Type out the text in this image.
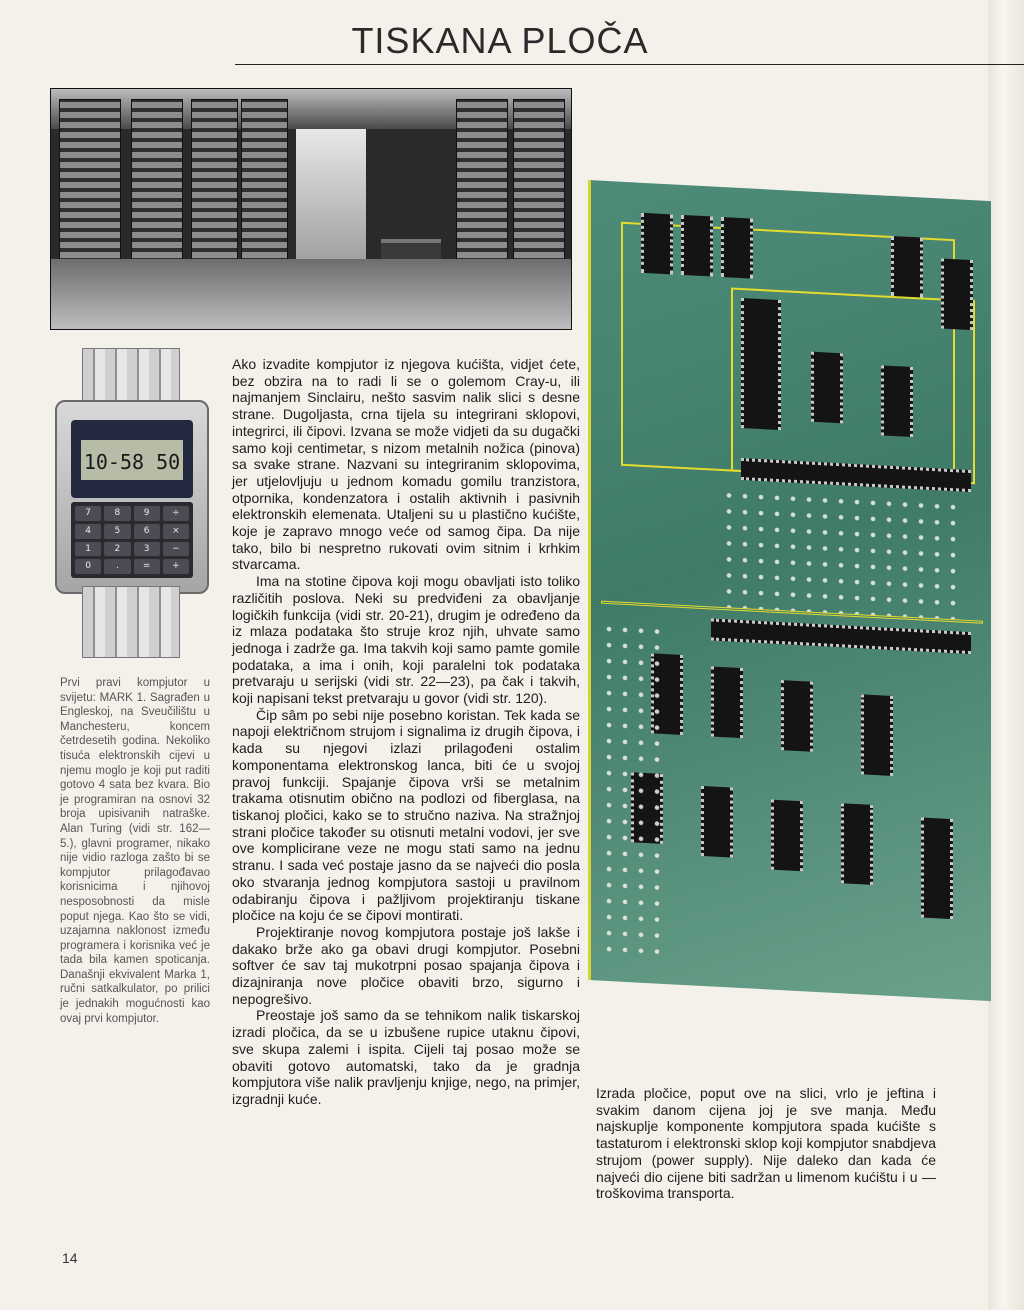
TISKANA PLOČA
10-58 50
7	8	9	÷
4	5	6	×
1	2	3	−
0	.	=	+
Prvi pravi kompjutor u svijetu: MARK 1. Sagrađen u Engleskoj, na Sveučilištu u Manchesteru, koncem četrdesetih godina. Nekoliko tisuća elektronskih cijevi u njemu moglo je koji put raditi gotovo 4 sata bez kvara. Bio je programiran na osnovi 32 broja upisivanih natraške. Alan Turing (vidi str. 162—5.), glavni programer, nikako nije vidio razloga zašto bi se kompjutor prilagođavao korisnicima i njihovoj nesposobnosti da misle poput njega. Kao što se vidi, uzajamna naklonost između programera i korisnika već je tada bila kamen spoticanja. Današnji ekvivalent Marka 1, ručni satkalkulator, po prilici je jednakih mogućnosti kao ovaj prvi kompjutor.

Ako izvadite kompjutor iz njegova kućišta, vidjet ćete, bez obzira na to radi li se o golemom Cray-u, ili najmanjem Sinclairu, nešto sasvim nalik slici s desne strane. Dugoljasta, crna tijela su integrirani sklopovi, integrirci, ili čipovi. Izvana se može vidjeti da su dugački samo koji centimetar, s nizom metalnih nožica (pinova) sa svake strane. Nazvani su integriranim sklopovima, jer utjelovljuju u jednom komadu gomilu tranzistora, otpornika, kondenzatora i ostalih aktivnih i pasivnih elektronskih elemenata. Utaljeni su u plastično kućište, koje je zapravo mnogo veće od samog čipa. Da nije tako, bilo bi nespretno rukovati ovim sitnim i krhkim stvarcama.

Ima na stotine čipova koji mogu obavljati isto toliko različitih poslova. Neki su predviđeni za obavljanje logičkih funkcija (vidi str. 20-21), drugim je određeno da iz mlaza podataka što struje kroz njih, uhvate samo jednoga i zadrže ga. Ima takvih koji samo pamte gomile podataka, a ima i onih, koji paralelni tok podataka pretvaraju u serijski (vidi str. 22—23), pa čak i takvih, koji napisani tekst pretvaraju u govor (vidi str. 120).

Čip sâm po sebi nije posebno koristan. Tek kada se napoji električnom strujom i signalima iz drugih čipova, i kada su njegovi izlazi prilagođeni ostalim komponentama elektronskog lanca, biti će u svojoj pravoj funkciji. Spajanje čipova vrši se metalnim trakama otisnutim obično na podlozi od fiberglasa, na tiskanoj pločici, kako se to stručno naziva. Na stražnjoj strani pločice također su otisnuti metalni vodovi, jer sve ove komplicirane veze ne mogu stati samo na jednu stranu. I sada već postaje jasno da se najveći dio posla oko stvaranja jednog kompjutora sastoji u pravilnom odabiranju čipova i pažljivom projektiranju tiskane pločice na koju će se čipovi montirati.

Projektiranje novog kompjutora postaje još lakše i dakako brže ako ga obavi drugi kompjutor. Posebni softver će sav taj mukotrpni posao spajanja čipova i dizajniranja nove pločice obaviti brzo, sigurno i nepogrešivo.

Preostaje još samo da se tehnikom nalik tiskarskoj izradi pločica, da se u izbušene rupice utaknu čipovi, sve skupa zalemi i ispita. Cijeli taj posao može se obaviti gotovo automatski, tako da je gradnja kompjutora više nalik pravljenju knjige, nego, na primjer, izgradnji kuće.	Izrada pločice, poput ove na slici, vrlo je jeftina i svakim danom cijena joj je sve manja. Među najskuplje komponente kompjutora spada kućište s tastaturom i elektronski sklop koji kompjutor snabdjeva strujom (power supply). Nije daleko dan kada će najveći dio cijene biti sadržan u limenom kućištu i u — troškovima transporta.
14
